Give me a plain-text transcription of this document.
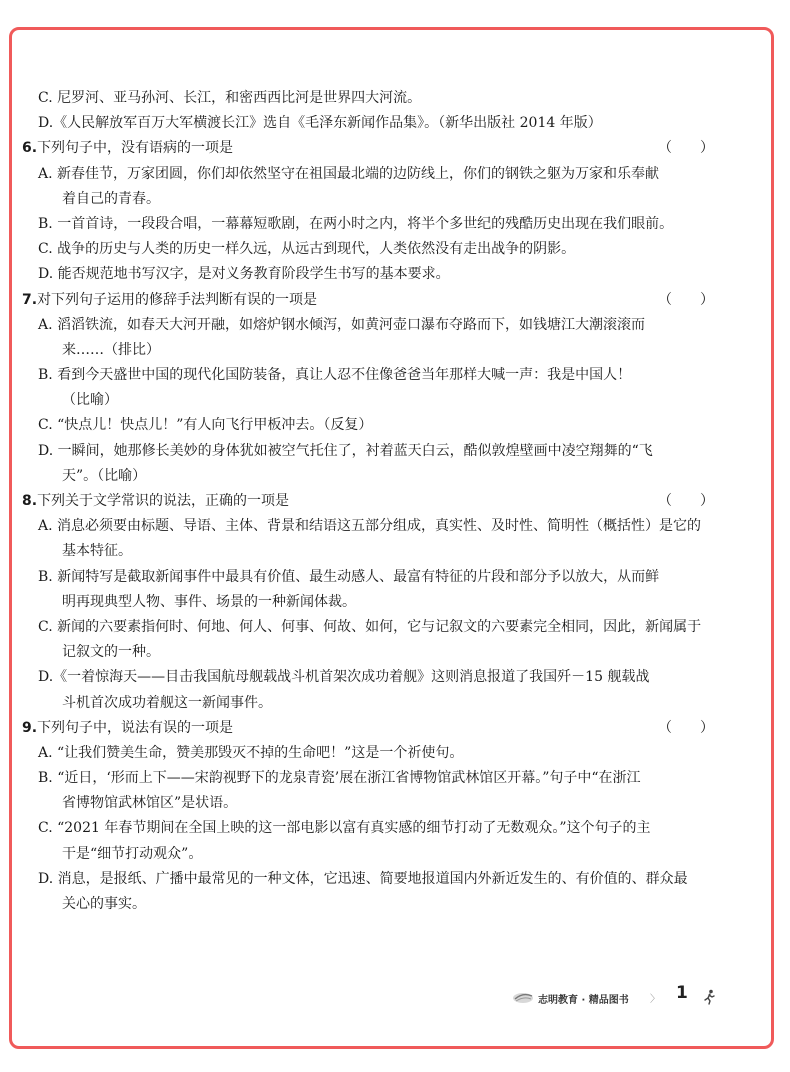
C. 尼罗河、亚马孙河、长江，和密西西比河是世界四大河流。
D.《人民解放军百万大军横渡长江》选自《毛泽东新闻作品集》。（新华出版社 2014 年版）
6.下列句子中，没有语病的一项是	（　　）
A. 新春佳节，万家团圆，你们却依然坚守在祖国最北端的边防线上，你们的钢铁之躯为万家和乐奉献
着自己的青春。
B. 一首首诗，一段段合唱，一幕幕短歌剧，在两小时之内，将半个多世纪的残酷历史出现在我们眼前。
C. 战争的历史与人类的历史一样久远，从远古到现代，人类依然没有走出战争的阴影。
D. 能否规范地书写汉字，是对义务教育阶段学生书写的基本要求。
7.对下列句子运用的修辞手法判断有误的一项是	（　　）
A. 滔滔铁流，如春天大河开融，如熔炉钢水倾泻，如黄河壶口瀑布夺路而下，如钱塘江大潮滚滚而
来……（排比）
B. 看到今天盛世中国的现代化国防装备，真让人忍不住像爸爸当年那样大喊一声：我是中国人！
（比喻）
C. “快点儿！快点儿！”有人向飞行甲板冲去。（反复）
D. 一瞬间，她那修长美妙的身体犹如被空气托住了，衬着蓝天白云，酷似敦煌壁画中凌空翔舞的“飞
天”。（比喻）
8.下列关于文学常识的说法，正确的一项是	（　　）
A. 消息必须要由标题、导语、主体、背景和结语这五部分组成，真实性、及时性、简明性（概括性）是它的
基本特征。
B. 新闻特写是截取新闻事件中最具有价值、最生动感人、最富有特征的片段和部分予以放大，从而鲜
明再现典型人物、事件、场景的一种新闻体裁。
C. 新闻的六要素指何时、何地、何人、何事、何故、如何，它与记叙文的六要素完全相同，因此，新闻属于
记叙文的一种。
D.《一着惊海天——目击我国航母舰载战斗机首架次成功着舰》这则消息报道了我国歼－15 舰载战
斗机首次成功着舰这一新闻事件。
9.下列句子中，说法有误的一项是	（　　）
A. “让我们赞美生命，赞美那毁灭不掉的生命吧！”这是一个祈使句。
B. “近日，‘形而上下——宋韵视野下的龙泉青瓷’展在浙江省博物馆武林馆区开幕。”句子中“在浙江
省博物馆武林馆区”是状语。
C. “2021 年春节期间在全国上映的这一部电影以富有真实感的细节打动了无数观众。”这个句子的主
干是“细节打动观众”。
D. 消息，是报纸、广播中最常见的一种文体，它迅速、简要地报道国内外新近发生的、有价值的、群众最
关心的事实。
志明教育 · 精品图书 〉 1
